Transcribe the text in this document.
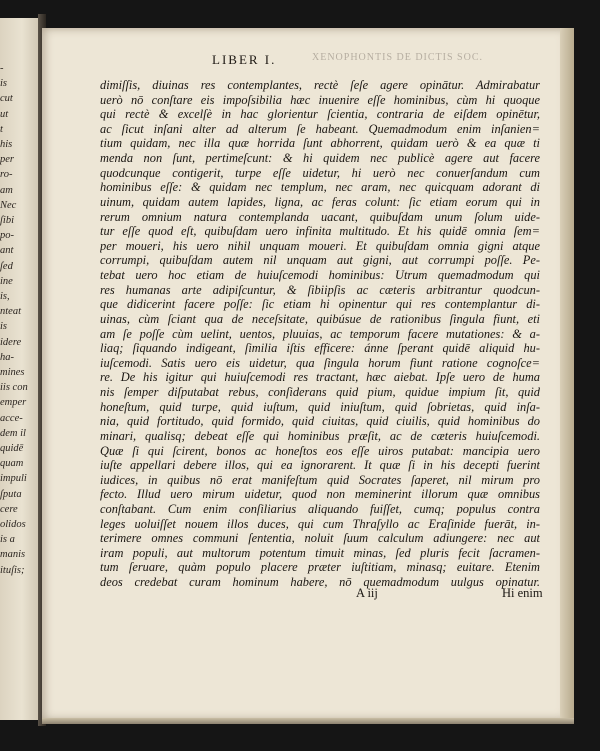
-
is
cut
ut
t
his
per
ro-
am
Nec
ſibi
po-
ant
ſed
ine
is,
nteat
is
idere
ha-
mines
iis con
emper
acce-
dem il
quidē
quam
impuli
ſputa
cere
olidos
is a
manis
ituſis;
LIBER I.	XENOPHONTIS DE DICTIS SOC.
dimiſſis, diuinas res contemplantes, rectè ſeſe agere opinātur. Admirabatur
uerò nō conſtare eis impoſsibilia hæc inuenire eſſe hominibus, cùm hi quoque
qui rectè & excelſè in hac glorientur ſcientia, contraria de eiſdem opinētur,
ac ſicut inſani alter ad alterum ſe habeant. Quemadmodum enim inſanien=
tium quidam, nec illa quæ horrida ſunt abhorrent, quidam uerò & ea quæ ti
menda non ſunt, pertimeſcunt: & hi quidem nec publicè agere aut facere
quodcunque contigerit, turpe eſſe uidetur, hi uerò nec conuerſandum cum
hominibus eſſe: & quidam nec templum, nec aram, nec quicquam adorant di
uinum, quidam autem lapides, ligna, ac feras colunt: ſic etiam eorum qui in
rerum omnium natura contemplanda uacant, quibuſdam unum ſolum uide-
tur eſſe quod eſt, quibuſdam uero infinita multitudo. Et his quidē omnia ſem=
per moueri, his uero nihil unquam moueri. Et quibuſdam omnia gigni atque
corrumpi, quibuſdam autem nil unquam aut gigni, aut corrumpi poſſe. Pe-
tebat uero hoc etiam de huiuſcemodi hominibus: Utrum quemadmodum qui
res humanas arte adipiſcuntur, & ſibiipſis ac cæteris arbitrantur quodcun-
que didicerint facere poſſe: ſic etiam hi opinentur qui res contemplantur di-
uinas, cùm ſciant qua de neceſsitate, quibúsue de rationibus ſingula fiunt, eti
am ſe poſſe cùm uelint, uentos, pluuias, ac temporum facere mutationes: & a-
liaq; ſiquando indigeant, ſimilia iſtis efficere: ánne ſperant quidē aliquid hu-
iuſcemodi. Satis uero eis uidetur, qua ſingula horum fiunt ratione cognoſce=
re. De his igitur qui huiuſcemodi res tractant, hæc aiebat. Ipſe uero de huma
nis ſemper diſputabat rebus, conſiderans quid pium, quidue impium ſit, quid
honeſtum, quid turpe, quid iuſtum, quid iniuſtum, quid ſobrietas, quid inſa-
nia, quid fortitudo, quid formido, quid ciuitas, quid ciuilis, quid hominibus do
minari, qualisq; debeat eſſe qui hominibus præſit, ac de cæteris huiuſcemodi.
Quæ ſi qui ſcirent, bonos ac honeſtos eos eſſe uiros putabat: mancipia uero
iuſte appellari debere illos, qui ea ignorarent. It quæ ſi in his decepti fuerint
iudices, in quibus nō erat manifeſtum quid Socrates ſaperet, nil mirum pro
fecto. Illud uero mirum uidetur, quod non meminerint illorum quæ omnibus
conſtabant. Cum enim conſiliarius aliquando fuiſſet, cumq; populus contra
leges uoluiſſet nouem illos duces, qui cum Thraſyllo ac Eraſinide fuerāt, in-
terimere omnes communi ſententia, noluit ſuum calculum adiungere: nec aut
iram populi, aut multorum potentum timuit minas, ſed pluris fecit ſacramen-
tum ſeruare, quàm populo placere præter iuſtitiam, minasq; euitare. Etenim
deos credebat curam hominum habere, nō quemadmodum uulgus opinatur.
A iij	Hi enim
